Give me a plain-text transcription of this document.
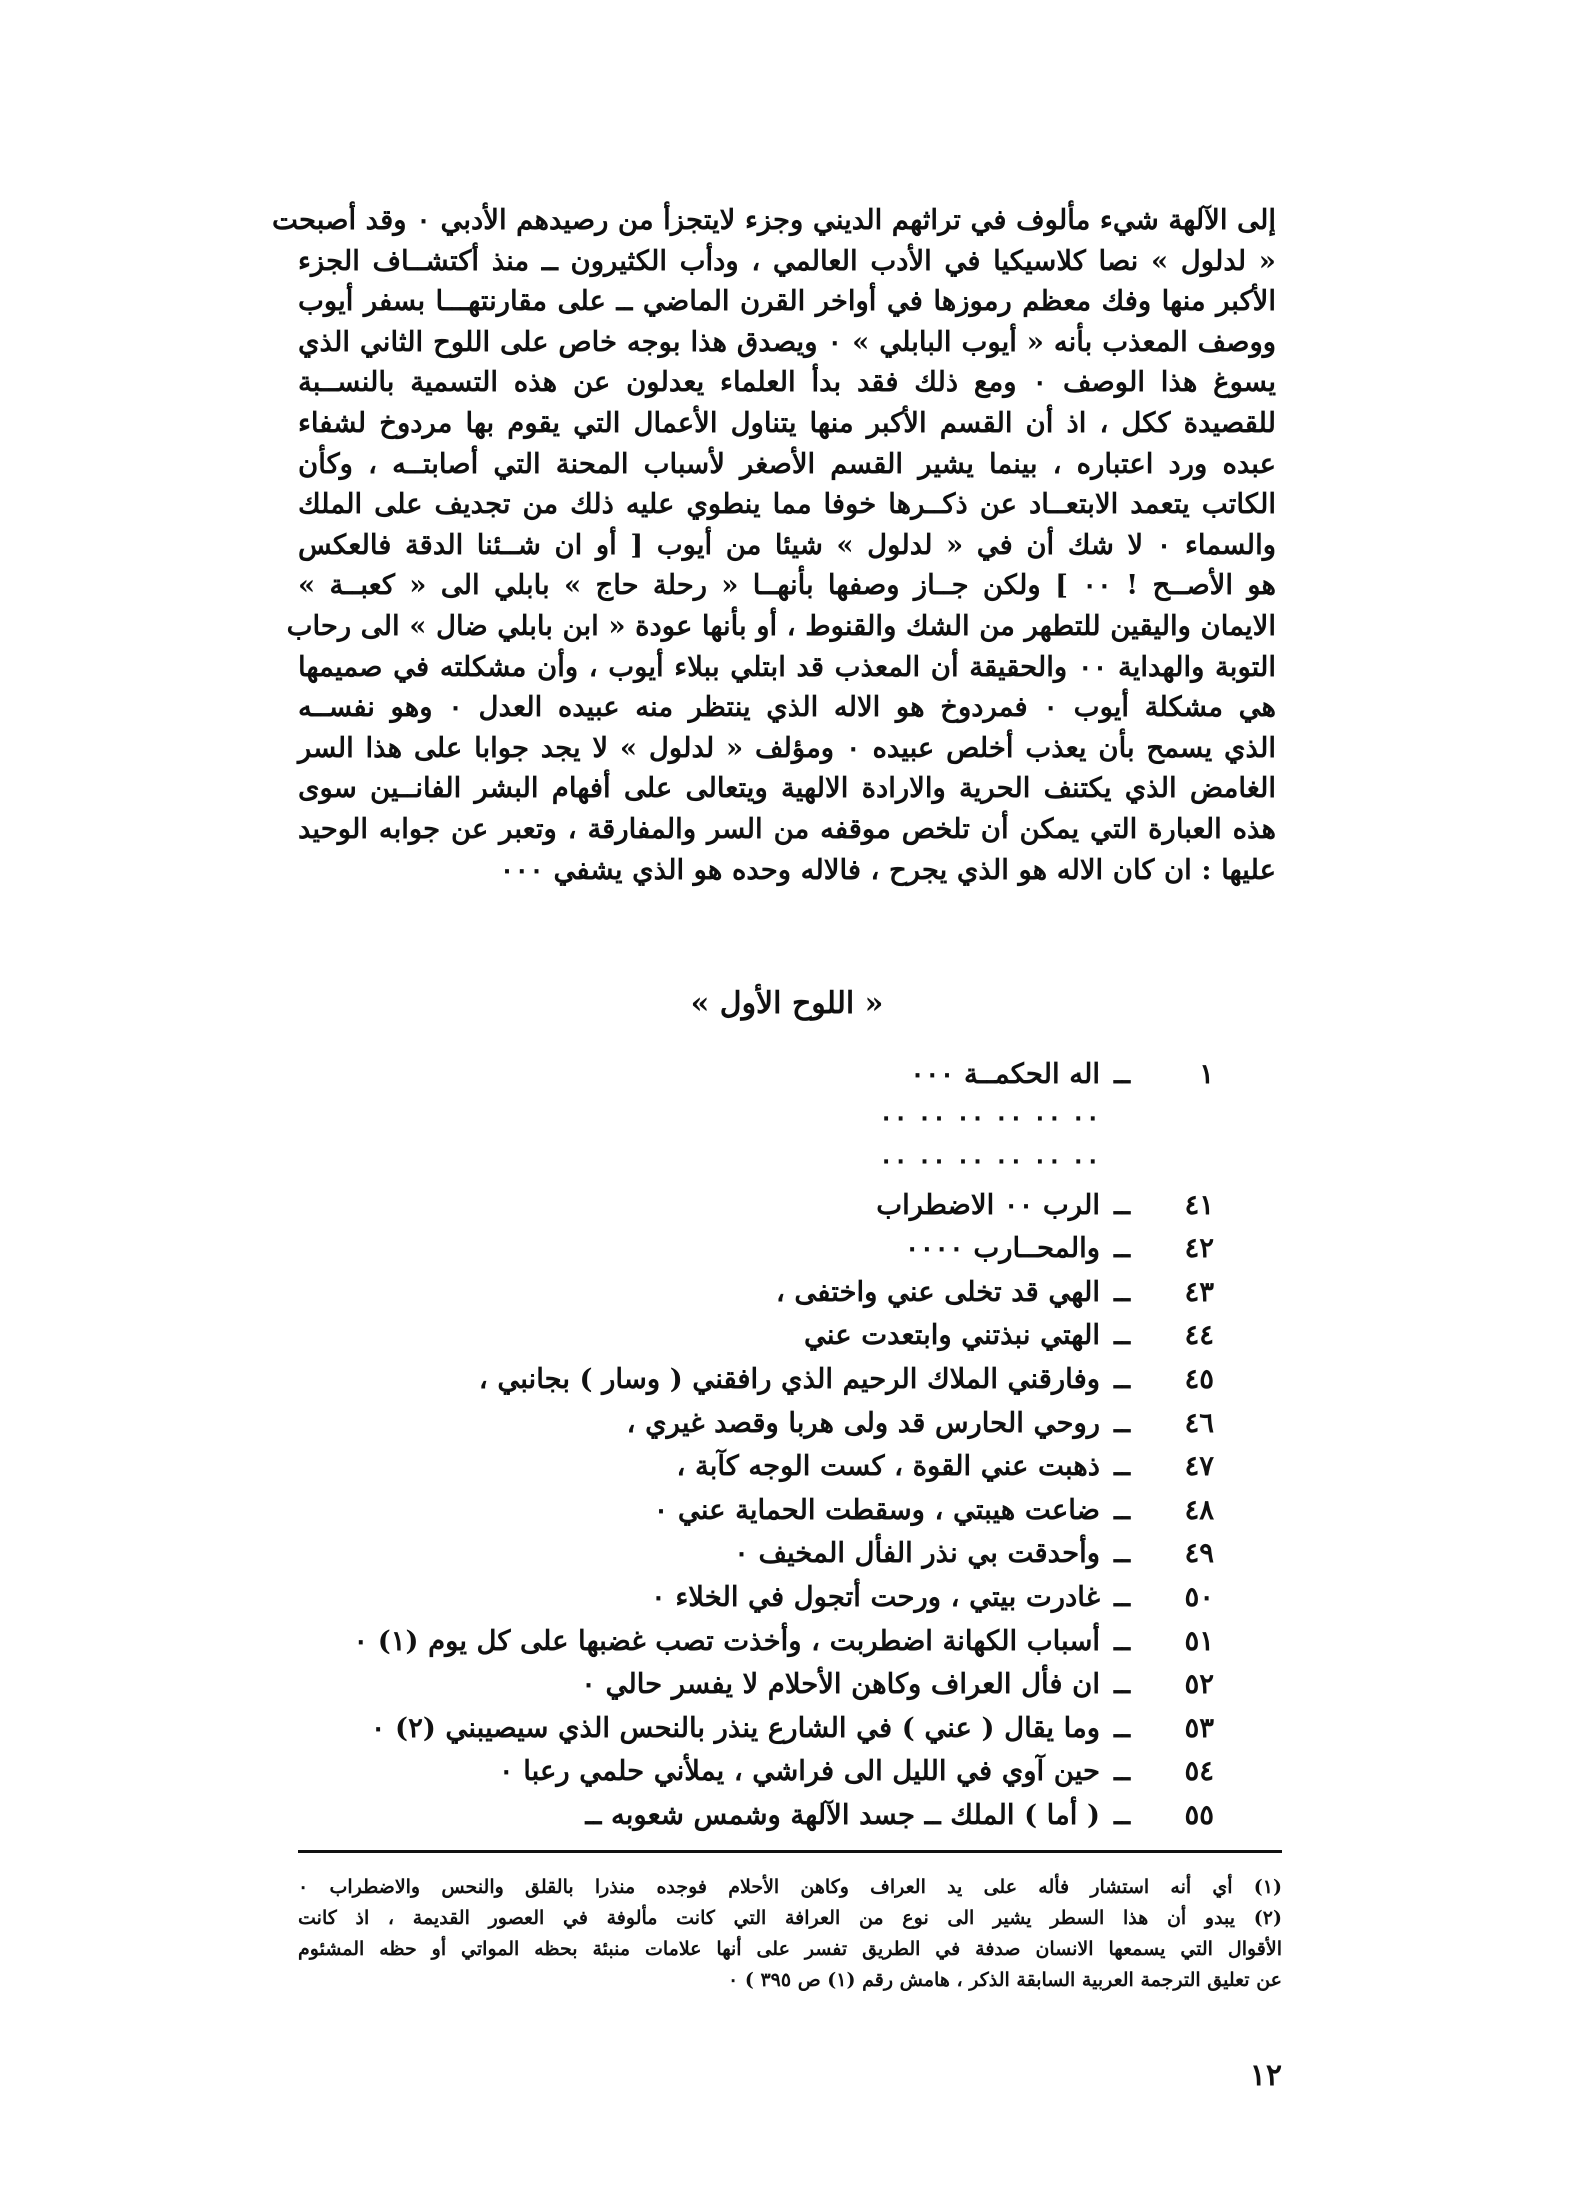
إلى الآلهة شيء مألوف في تراثهم الديني وجزء لايتجزأ من رصيدهم الأدبي ٠ وقد أصبحت
« لدلول » نصا كلاسيكيا في الأدب العالمي ، ودأب الكثيرون ــ منذ أكتشــاف الجزء
الأكبر منها وفك معظم رموزها في أواخر القرن الماضي ــ على مقارنتهـــا بسفر أيوب
ووصف المعذب بأنه « أيوب البابلي » ٠ ويصدق هذا بوجه خاص على اللوح الثاني الذي
يسوغ هذا الوصف ٠ ومع ذلك فقد بدأ العلماء يعدلون عن هذه التسمية بالنســبة
للقصيدة ككل ، اذ أن القسم الأكبر منها يتناول الأعمال التي يقوم بها مردوخ لشفاء
عبده ورد اعتباره ، بينما يشير القسم الأصغر لأسباب المحنة التي أصابتــه ، وكأن
الكاتب يتعمد الابتعــاد عن ذكــرها خوفا مما ينطوي عليه ذلك من تجديف على الملك
والسماء ٠ لا شك أن في « لدلول » شيئا من أيوب [ أو ان شــئنا الدقة فالعكس
هو الأصــح ! ٠٠ ] ولكن جــاز وصفها بأنهــا « رحلة حاج » بابلي الى « كعبــة »
الايمان واليقين للتطهر من الشك والقنوط ، أو بأنها عودة « ابن بابلي ضال » الى رحاب
التوبة والهداية ٠٠ والحقيقة أن المعذب قد ابتلي ببلاء أيوب ، وأن مشكلته في صميمها
هي مشكلة أيوب ٠ فمردوخ هو الاله الذي ينتظر منه عبيده العدل ٠ وهو نفســه
الذي يسمح بأن يعذب أخلص عبيده ٠ ومؤلف « لدلول » لا يجد جوابا على هذا السر
الغامض الذي يكتنف الحرية والارادة الالهية ويتعالى على أفهام البشر الفانــين سوى
هذه العبارة التي يمكن أن تلخص موقفه من السر والمفارقة ، وتعبر عن جوابه الوحيد
عليها : ان كان الاله هو الذي يجرح ، فالاله وحده هو الذي يشفي ٠٠٠
« اللوح الأول »
١
ــ
اله الحكمــة ٠٠٠
٠٠ ٠٠ ٠٠ ٠٠ ٠٠ ٠٠
٠٠ ٠٠ ٠٠ ٠٠ ٠٠ ٠٠
٤١
ــ
الرب ٠٠ الاضطراب
٤٢
ــ
والمحــارب ٠٠٠٠
٤٣
ــ
الهي قد تخلى عني واختفى ،
٤٤
ــ
الهتي نبذتني وابتعدت عني
٤٥
ــ
وفارقني الملاك الرحيم الذي رافقني ( وسار ) بجانبي ،
٤٦
ــ
روحي الحارس قد ولى هربا وقصد غيري ،
٤٧
ــ
ذهبت عني القوة ، كست الوجه كآبة ،
٤٨
ــ
ضاعت هيبتي ، وسقطت الحماية عني ٠
٤٩
ــ
وأحدقت بي نذر الفأل المخيف ٠
٥٠
ــ
غادرت بيتي ، ورحت أتجول في الخلاء ٠
٥١
ــ
أسباب الكهانة اضطربت ، وأخذت تصب غضبها على كل يوم (١) ٠
٥٢
ــ
ان فأل العراف وكاهن الأحلام لا يفسر حالي ٠
٥٣
ــ
وما يقال ( عني ) في الشارع ينذر بالنحس الذي سيصيبني (٢) ٠
٥٤
ــ
حين آوي في الليل الى فراشي ، يملأني حلمي رعبا ٠
٥٥
ــ
( أما ) الملك ــ جسد الآلهة وشمس شعوبه ــ
(١) أي أنه استشار فأله على يد العراف وكاهن الأحلام فوجده منذرا بالقلق والنحس والاضطراب ٠
(٢) يبدو أن هذا السطر يشير الى نوع من العرافة التي كانت مألوفة في العصور القديمة ، اذ كانت
الأقوال التي يسمعها الانسان صدفة في الطريق تفسر على أنها علامات منبئة بحظه المواتي أو حظه المشئوم
عن تعليق الترجمة العربية السابقة الذكر ، هامش رقم (١) ص ٣٩٥ ) ٠
١٢
